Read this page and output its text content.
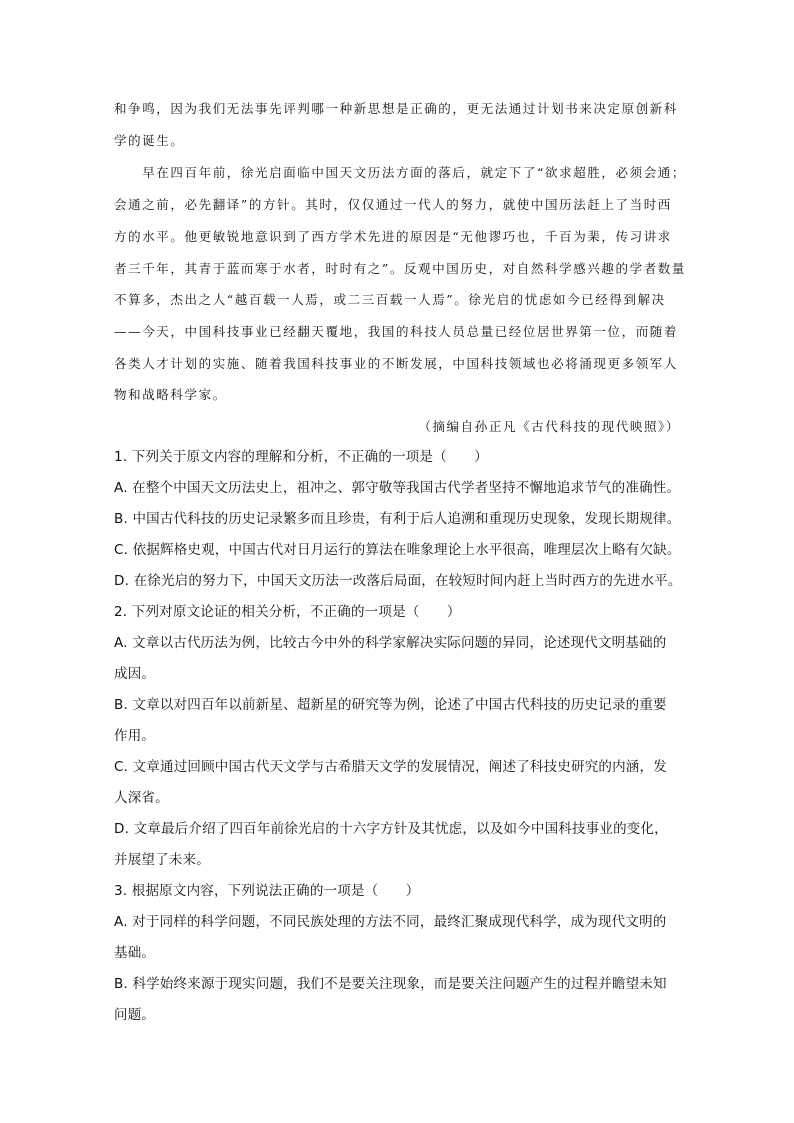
和争鸣，因为我们无法事先评判哪一种新思想是正确的，更无法通过计划书来决定原创新科
学的诞生。
　　早在四百年前，徐光启面临中国天文历法方面的落后，就定下了“欲求超胜，必须会通；
会通之前，必先翻译”的方针。其时，仅仅通过一代人的努力，就使中国历法赶上了当时西
方的水平。他更敏锐地意识到了西方学术先进的原因是“无他谬巧也，千百为棐，传习讲求
者三千年，其青于蓝而寒于水者，时时有之”。反观中国历史，对自然科学感兴趣的学者数量
不算多，杰出之人“越百载一人焉，或二三百载一人焉”。徐光启的忧虑如今已经得到解决
——今天，中国科技事业已经翻天覆地，我国的科技人员总量已经位居世界第一位，而随着
各类人才计划的实施、随着我国科技事业的不断发展，中国科技领域也必将涌现更多领军人
物和战略科学家。
（摘编自孙正凡《古代科技的现代映照》）
1. 下列关于原文内容的理解和分析，不正确的一项是（　　）
A. 在整个中国天文历法史上，祖冲之、郭守敬等我国古代学者坚持不懈地追求节气的准确性。
B. 中国古代科技的历史记录繁多而且珍贵，有利于后人追溯和重现历史现象，发现长期规律。
C. 依据辉格史观，中国古代对日月运行的算法在唯象理论上水平很高，唯理层次上略有欠缺。
D. 在徐光启的努力下，中国天文历法一改落后局面，在较短时间内赶上当时西方的先进水平。
2. 下列对原文论证的相关分析，不正确的一项是（　　）
A. 文章以古代历法为例，比较古今中外的科学家解决实际问题的异同，论述现代文明基础的
成因。
B. 文章以对四百年以前新星、超新星的研究等为例，论述了中国古代科技的历史记录的重要
作用。
C. 文章通过回顾中国古代天文学与古希腊天文学的发展情况，阐述了科技史研究的内涵，发
人深省。
D. 文章最后介绍了四百年前徐光启的十六字方针及其忧虑，以及如今中国科技事业的变化，
并展望了未来。
3. 根据原文内容，下列说法正确的一项是（　　）
A. 对于同样的科学问题，不同民族处理的方法不同，最终汇聚成现代科学，成为现代文明的
基础。
B. 科学始终来源于现实问题，我们不是要关注现象，而是要关注问题产生的过程并瞻望未知
问题。
